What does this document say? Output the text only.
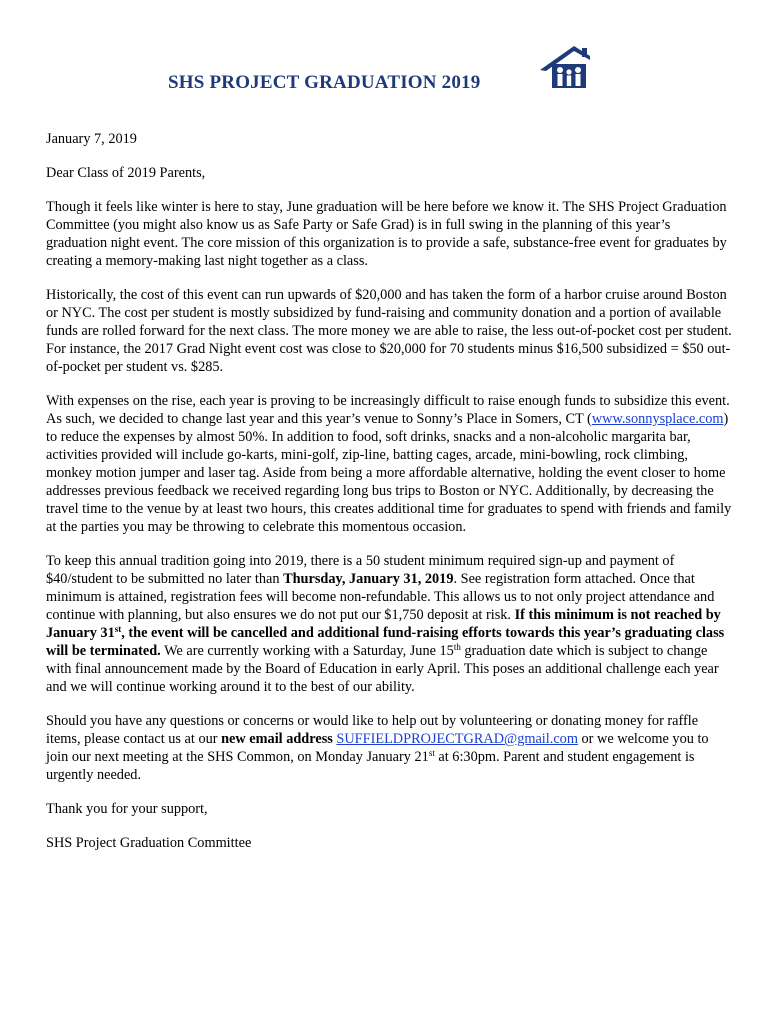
SHS PROJECT GRADUATION 2019

January 7, 2019

Dear Class of 2019 Parents,

Though it feels like winter is here to stay, June graduation will be here before we know it. The SHS Project Graduation Committee (you might also know us as Safe Party or Safe Grad) is in full swing in the planning of this year’s graduation night event. The core mission of this organization is to provide a safe, substance-free event for graduates by creating a memory-making last night together as a class.

Historically, the cost of this event can run upwards of $20,000 and has taken the form of a harbor cruise around Boston or NYC. The cost per student is mostly subsidized by fund-raising and community donation and a portion of available funds are rolled forward for the next class. The more money we are able to raise, the less out-of-pocket cost per student. For instance, the 2017 Grad Night event cost was close to $20,000 for 70 students minus $16,500 subsidized = $50 out-of-pocket per student vs. $285.

With expenses on the rise, each year is proving to be increasingly difficult to raise enough funds to subsidize this event. As such, we decided to change last year and this year’s venue to Sonny’s Place in Somers, CT (www.sonnysplace.com) to reduce the expenses by almost 50%. In addition to food, soft drinks, snacks and a non-alcoholic margarita bar, activities provided will include go-karts, mini-golf, zip-line, batting cages, arcade, mini-bowling, rock climbing, monkey motion jumper and laser tag. Aside from being a more affordable alternative, holding the event closer to home addresses previous feedback we received regarding long bus trips to Boston or NYC. Additionally, by decreasing the travel time to the venue by at least two hours, this creates additional time for graduates to spend with friends and family at the parties you may be throwing to celebrate this momentous occasion.

To keep this annual tradition going into 2019, there is a 50 student minimum required sign-up and payment of $40/student to be submitted no later than Thursday, January 31, 2019. See registration form attached. Once that minimum is attained, registration fees will become non-refundable. This allows us to not only project attendance and continue with planning, but also ensures we do not put our $1,750 deposit at risk. If this minimum is not reached by January 31st, the event will be cancelled and additional fund-raising efforts towards this year’s graduating class will be terminated. We are currently working with a Saturday, June 15th graduation date which is subject to change with final announcement made by the Board of Education in early April. This poses an additional challenge each year and we will continue working around it to the best of our ability.

Should you have any questions or concerns or would like to help out by volunteering or donating money for raffle items, please contact us at our new email address SUFFIELDPROJECTGRAD@gmail.com or we welcome you to join our next meeting at the SHS Common, on Monday January 21st at 6:30pm. Parent and student engagement is urgently needed.

Thank you for your support,

SHS Project Graduation Committee
